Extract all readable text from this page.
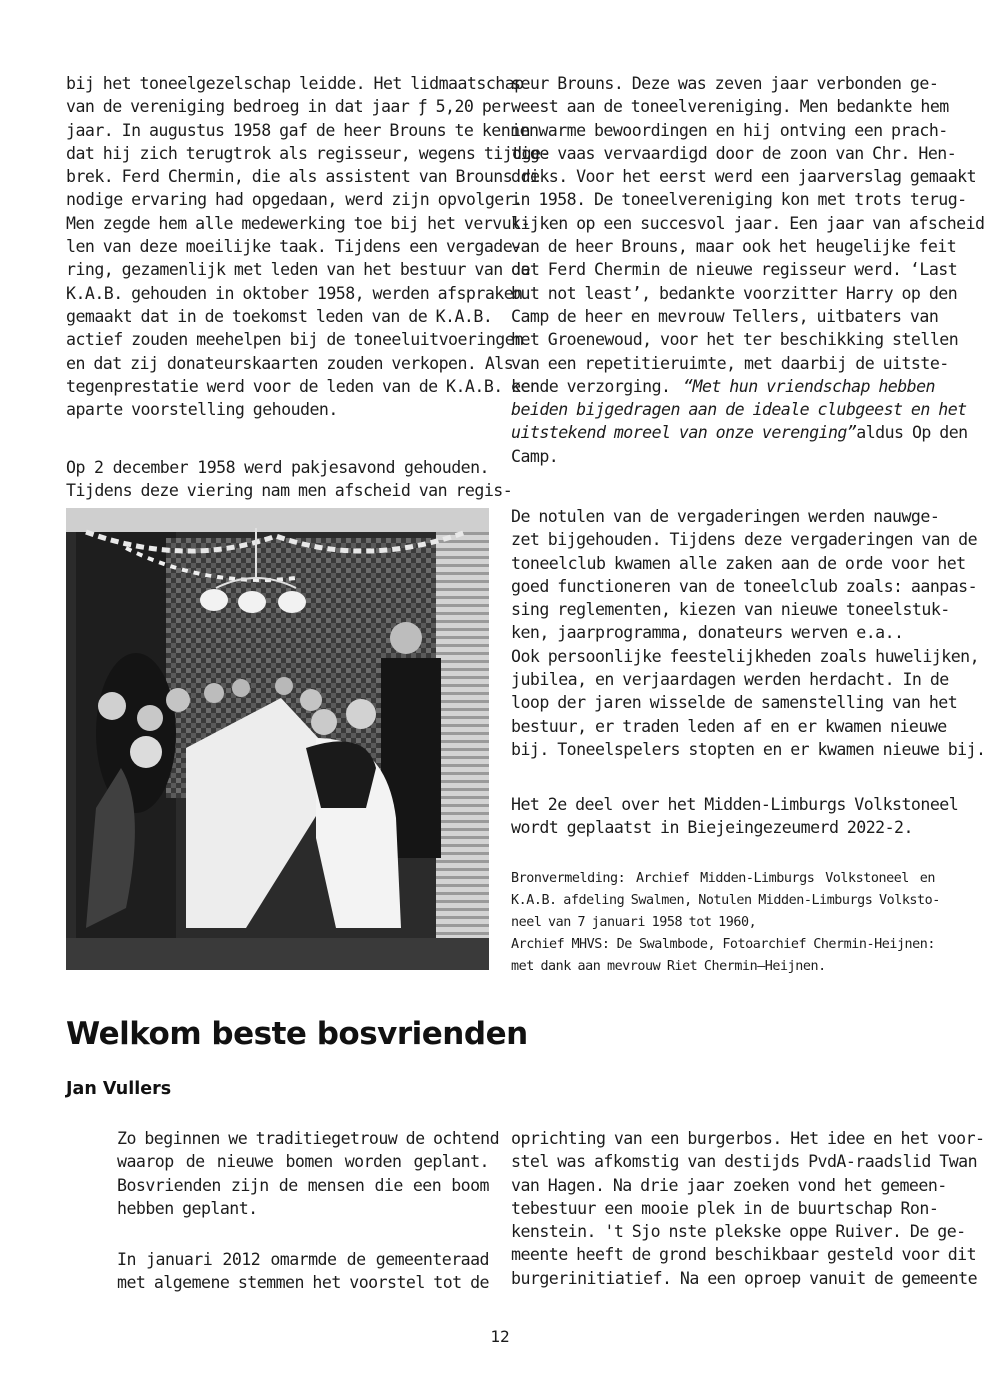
bij het toneelgezelschap leidde. Het lidmaatschap
van de vereniging bedroeg in dat jaar ƒ 5,20 per
jaar. In augustus 1958 gaf de heer Brouns te kennen
dat hij zich terugtrok als regisseur, wegens tijdge-
brek. Ferd Chermin, die als assistent van Brouns de
nodige ervaring had opgedaan, werd zijn opvolger.
Men zegde hem alle medewerking toe bij het vervul-
len van deze moeilijke taak. Tijdens een vergade-
ring, gezamenlijk met leden van het bestuur van de
K.A.B. gehouden in oktober 1958, werden afspraken
gemaakt dat in de toekomst leden van de K.A.B.
actief zouden meehelpen bij de toneeluitvoeringen
en dat zij donateurskaarten zouden verkopen. Als
tegenprestatie werd voor de leden van de K.A.B. een
aparte voorstelling gehouden.
Op 2 december 1958 werd pakjesavond gehouden.
Tijdens deze viering nam men afscheid van regis-
seur Brouns. Deze was zeven jaar verbonden ge-
weest aan de toneelvereniging. Men bedankte hem
in warme bewoordingen en hij ontving een prach-
tige vaas vervaardigd door de zoon van Chr. Hen-
driks. Voor het eerst werd een jaarverslag gemaakt
in 1958. De toneelvereniging kon met trots terug-
kijken op een succesvol jaar. Een jaar van afscheid
van de heer Brouns, maar ook het heugelijke feit
dat Ferd Chermin de nieuwe regisseur werd. ‘Last
but not least’, bedankte voorzitter Harry op den
Camp de heer en mevrouw Tellers, uitbaters van
het Groenewoud, voor het ter beschikking stellen
van een repetitieruimte, met daarbij de uitste-
kende verzorging. “Met hun vriendschap hebben
beiden bijgedragen aan de ideale clubgeest en het
uitstekend moreel van onze verenging” aldus Op den
Camp.
De notulen van de vergaderingen werden nauwge-
zet bijgehouden. Tijdens deze vergaderingen van de
toneelclub kwamen alle zaken aan de orde voor het
goed functioneren van de toneelclub zoals: aanpas-
sing reglementen, kiezen van nieuwe toneelstuk-
ken, jaarprogramma, donateurs werven e.a..
Ook persoonlijke feestelijkheden zoals huwelijken,
jubilea, en verjaardagen werden herdacht. In de
loop der jaren wisselde de samenstelling van het
bestuur, er traden leden af en er kwamen nieuwe
bij. Toneelspelers stopten en er kwamen nieuwe bij.
Het 2e deel over het Midden-Limburgs Volkstoneel
wordt geplaatst in Biejeingezeumerd 2022-2.
Bronvermelding: Archief Midden-Limburgs Volkstoneel en
K.A.B. afdeling Swalmen, Notulen Midden-Limburgs Volksto-
neel van 7 januari 1958 tot 1960,
Archief MHVS: De Swalmbode, Fotoarchief Chermin-Heijnen:
met dank aan mevrouw Riet Chermin–Heijnen.
Welkom beste bosvrienden
Jan Vullers
Zo beginnen we traditiegetrouw de ochtend
waarop de nieuwe bomen worden geplant.
Bosvrienden zijn de mensen die een boom
hebben geplant.
In januari 2012 omarmde de gemeenteraad
met algemene stemmen het voorstel tot de
oprichting van een burgerbos. Het idee en het voor-
stel was afkomstig van destijds PvdA-raadslid Twan
van Hagen. Na drie jaar zoeken vond het gemeen-
tebestuur een mooie plek in de buurtschap Ron-
kenstein. 't Sjo nste plekske oppe Ruiver. De ge-
meente heeft de grond beschikbaar gesteld voor dit
burgerinitiatief. Na een oproep vanuit de gemeente
12
